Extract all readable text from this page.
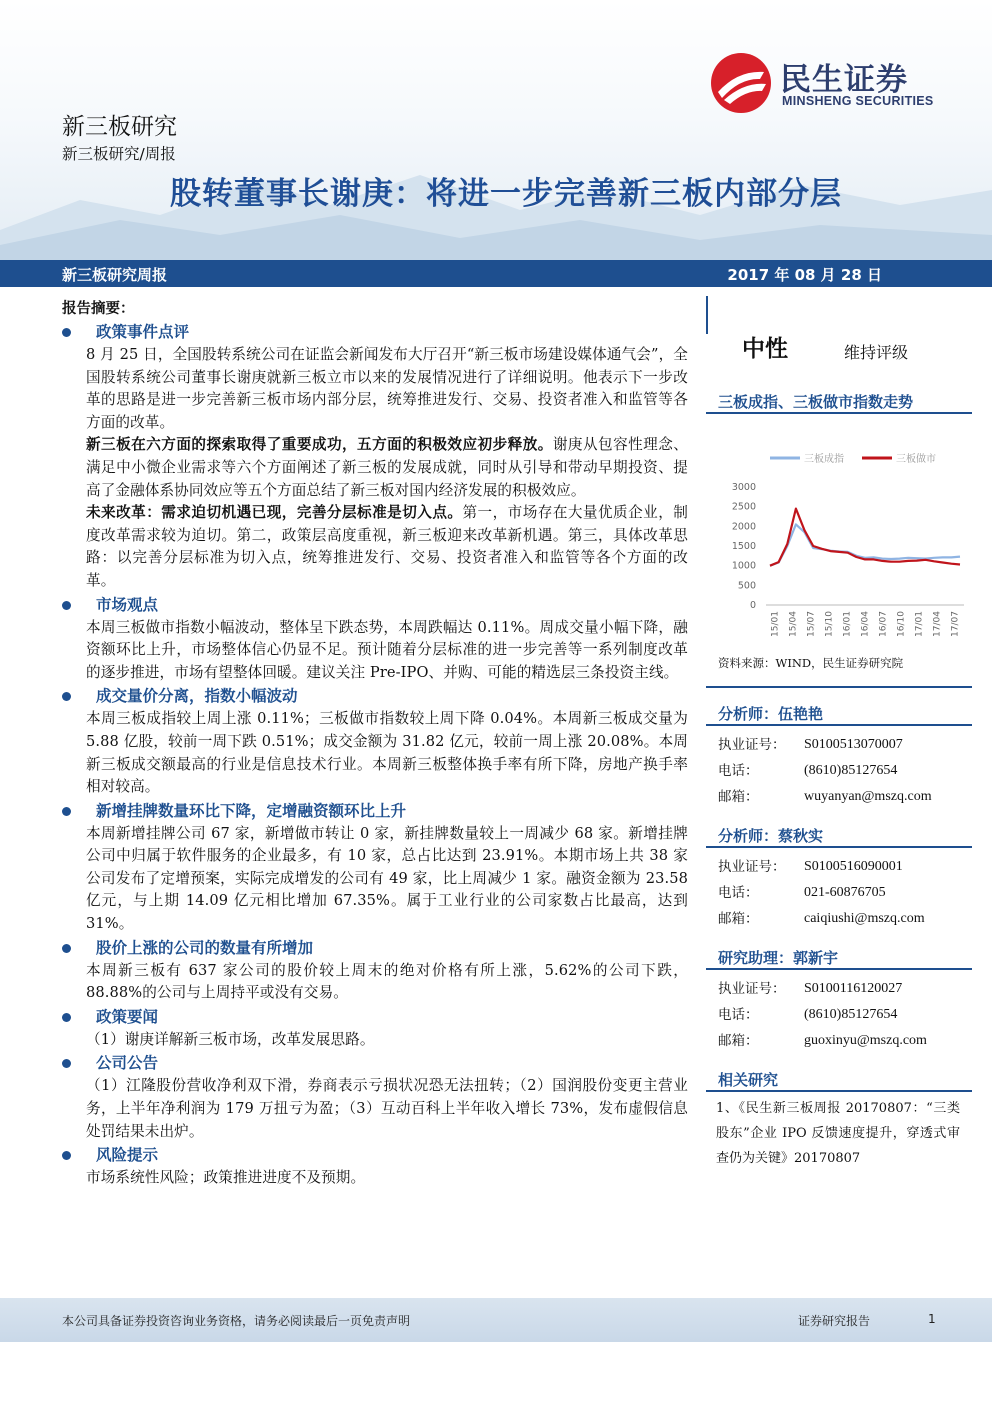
民生证券
MINSHENG SECURITIES
新三板研究
新三板研究/周报
股转董事长谢庚：将进一步完善新三板内部分层
新三板研究周报	2017 年 08 月 28 日
报告摘要：
政策事件点评
8 月 25 日，全国股转系统公司在证监会新闻发布大厅召开“新三板市场建设媒体通气会”，全国股转系统公司董事长谢庚就新三板立市以来的发展情况进行了详细说明。他表示下一步改革的思路是进一步完善新三板市场内部分层，统筹推进发行、交易、投资者准入和监管等各方面的改革。
新三板在六方面的探索取得了重要成功，五方面的积极效应初步释放。谢庚从包容性理念、满足中小微企业需求等六个方面阐述了新三板的发展成就，同时从引导和带动早期投资、提高了金融体系协同效应等五个方面总结了新三板对国内经济发展的积极效应。
未来改革：需求迫切机遇已现，完善分层标准是切入点。第一，市场存在大量优质企业，制度改革需求较为迫切。第二，政策层高度重视，新三板迎来改革新机遇。第三，具体改革思路：以完善分层标准为切入点，统筹推进发行、交易、投资者准入和监管等各个方面的改革。
市场观点
本周三板做市指数小幅波动，整体呈下跌态势，本周跌幅达 0.11%。周成交量小幅下降，融资额环比上升，市场整体信心仍显不足。预计随着分层标准的进一步完善等一系列制度改革的逐步推进，市场有望整体回暖。建议关注 Pre-IPO、并购、可能的精选层三条投资主线。
成交量价分离，指数小幅波动
本周三板成指较上周上涨 0.11%；三板做市指数较上周下降 0.04%。本周新三板成交量为 5.88 亿股，较前一周下跌 0.51%；成交金额为 31.82 亿元，较前一周上涨 20.08%。本周新三板成交额最高的行业是信息技术行业。本周新三板整体换手率有所下降，房地产换手率相对较高。
新增挂牌数量环比下降，定增融资额环比上升
本周新增挂牌公司 67 家，新增做市转让 0 家，新挂牌数量较上一周减少 68 家。新增挂牌公司中归属于软件服务的企业最多，有 10 家，总占比达到 23.91%。本期市场上共 38 家公司发布了定增预案，实际完成增发的公司有 49 家，比上周减少 1 家。融资金额为 23.58 亿元，与上期 14.09 亿元相比增加 67.35%。属于工业行业的公司家数占比最高，达到 31%。
股价上涨的公司的数量有所增加
本周新三板有 637 家公司的股价较上周末的绝对价格有所上涨，5.62%的公司下跌，88.88%的公司与上周持平或没有交易。
政策要闻
（1）谢庚详解新三板市场，改革发展思路。
公司公告
（1）江隆股份营收净利双下滑，券商表示亏损状况恐无法扭转；（2）国润股份变更主营业务，上半年净利润为 179 万扭亏为盈；（3）互动百科上半年收入增长 73%，发布虚假信息处罚结果未出炉。
风险提示
市场系统性风险；政策推进进度不及预期。
中性	维持评级
三板成指、三板做市指数走势
三板成指	三板做市
3000
2500
2000
1500
1000
500
0
15/01 15/04 15/07 15/10 16/01 16/04 16/07 16/10 17/01 17/04 17/07
资料来源：WIND，民生证券研究院
分析师：伍艳艳
执业证号： S0100513070007
电话：	(8610)85127654
邮箱：	wuyanyan@mszq.com
分析师：蔡秋实
执业证号： S0100516090001
电话：	021-60876705
邮箱：	caiqiushi@mszq.com
研究助理：郭新宇
执业证号： S0100116120027
电话：	(8610)85127654
邮箱：	guoxinyu@mszq.com
相关研究
1、《民生新三板周报 20170807：“三类股东”企业 IPO 反馈速度提升，穿透式审查仍为关键》20170807
本公司具备证券投资咨询业务资格，请务必阅读最后一页免责声明	证券研究报告	1
